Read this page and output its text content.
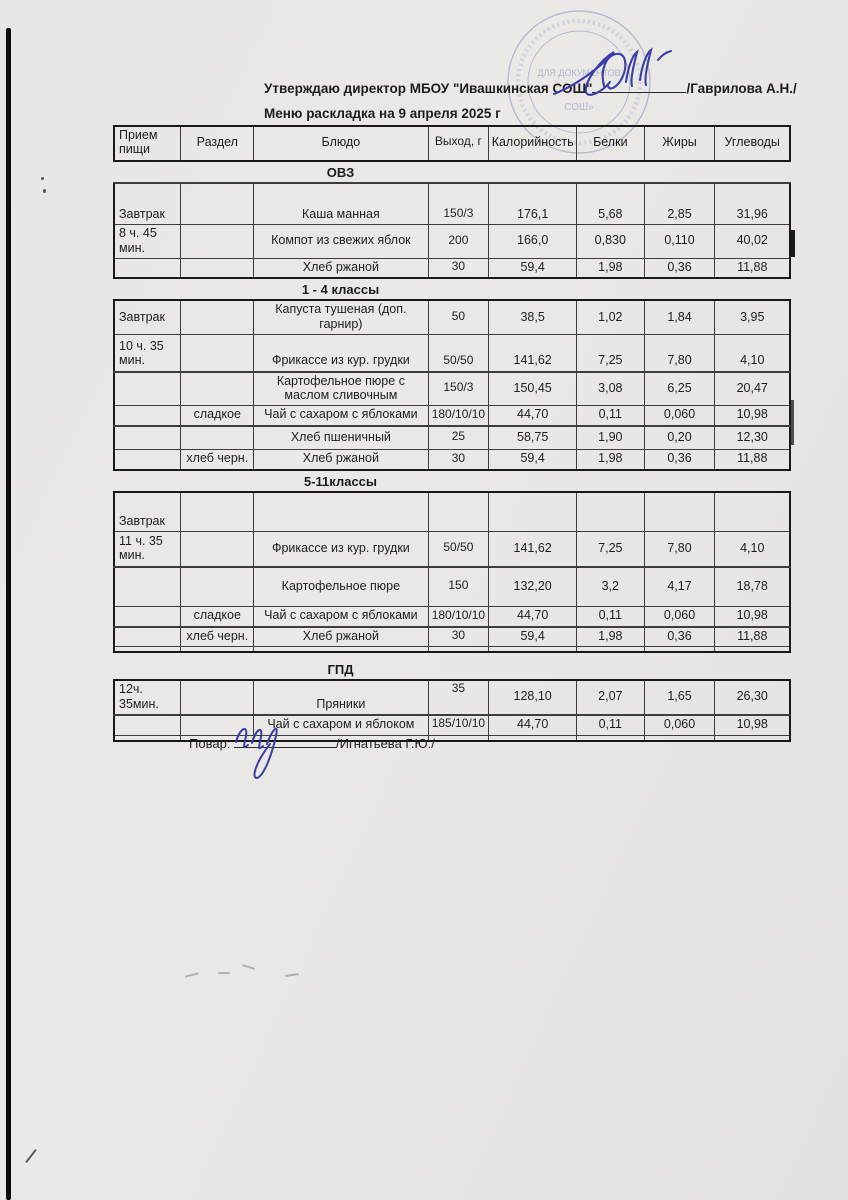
ДЛЯ ДОКУМЕНТОВ
СОШ»
Утверждаю директор МБОУ "Ивашкинская СОШ"	/Гаврилова А.Н./
Меню раскладка на 9 апреля 2025 г
Прием пищи	Раздел	Блюдо	Выход, г	Калорийность	Белки	Жиры	Углеводы
ОВЗ
Завтрак		Каша манная	150/3	176,1	5,68	2,85	31,96
8 ч. 45 мин.		Компот из свежих яблок	200	166,0	0,830	0,110	40,02
		Хлеб ржаной	30	59,4	1,98	0,36	11,88
1 - 4 классы
Завтрак		Капуста тушеная (доп. гарнир)	50	38,5	1,02	1,84	3,95
10 ч. 35 мин.		Фрикассе из кур. грудки	50/50	141,62	7,25	7,80	4,10
		Картофельное пюре с маслом сливочным	150/3	150,45	3,08	6,25	20,47
	сладкое	Чай с сахаром с яблоками	180/10/10	44,70	0,11	0,060	10,98
		Хлеб пшеничный	25	58,75	1,90	0,20	12,30
	хлеб черн.	Хлеб ржаной	30	59,4	1,98	0,36	11,88
5-11классы
Завтрак							
11 ч. 35 мин.		Фрикассе из кур. грудки	50/50	141,62	7,25	7,80	4,10
		Картофельное пюре	150	132,20	3,2	4,17	18,78
	сладкое	Чай с сахаром с яблоками	180/10/10	44,70	0,11	0,060	10,98
	хлеб черн.	Хлеб ржаной	30	59,4	1,98	0,36	11,88

ГПД
12ч. 35мин.		Пряники	35	128,10	2,07	1,65	26,30
		Чай с сахаром и яблоком	185/10/10	44,70	0,11	0,060	10,98

Повар:	/Игнатьева Г.Ю./
